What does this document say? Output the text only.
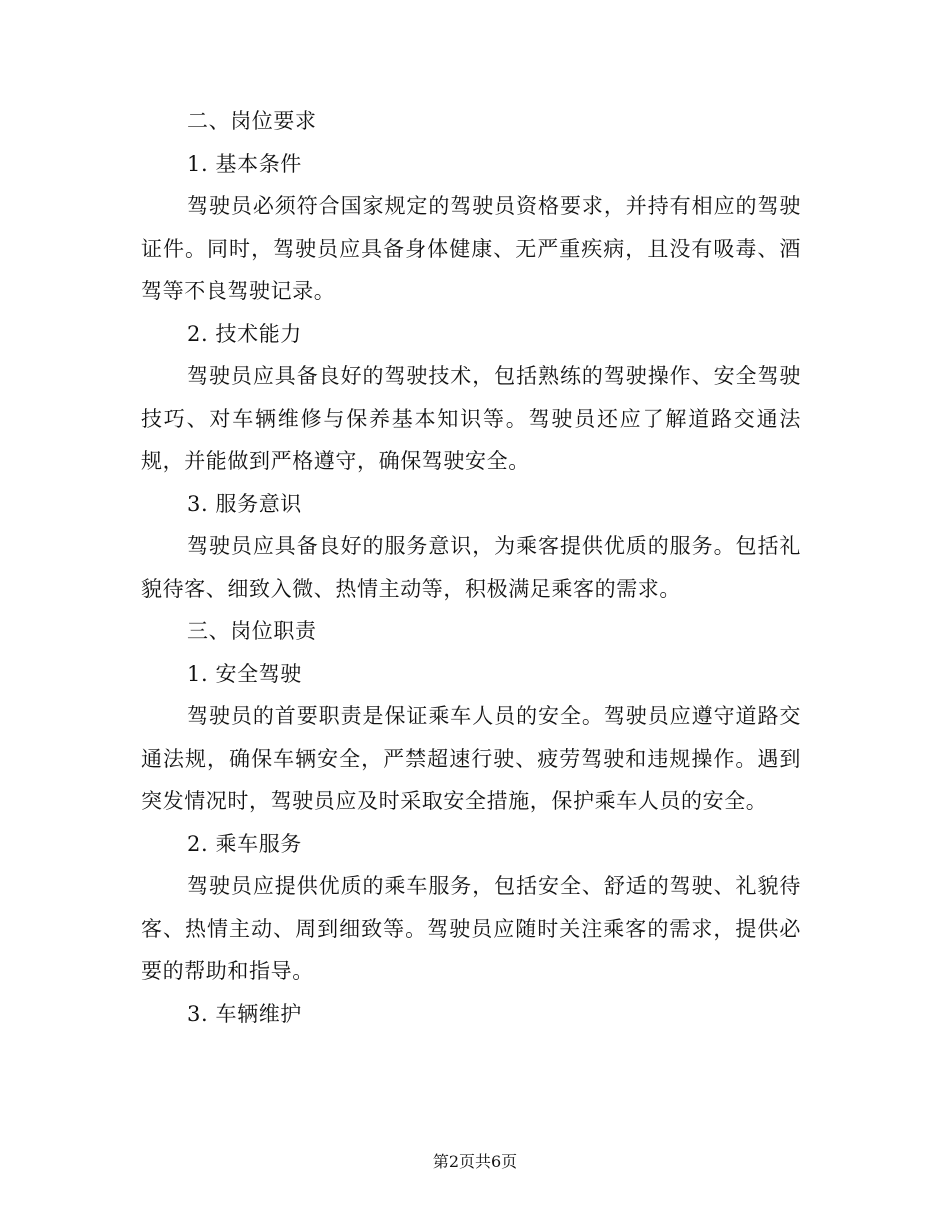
二、岗位要求
1. 基本条件
驾驶员必须符合国家规定的驾驶员资格要求，并持有相应的驾驶证件。同时，驾驶员应具备身体健康、无严重疾病，且没有吸毒、酒驾等不良驾驶记录。
2. 技术能力
驾驶员应具备良好的驾驶技术，包括熟练的驾驶操作、安全驾驶技巧、对车辆维修与保养基本知识等。驾驶员还应了解道路交通法规，并能做到严格遵守，确保驾驶安全。
3. 服务意识
驾驶员应具备良好的服务意识，为乘客提供优质的服务。包括礼貌待客、细致入微、热情主动等，积极满足乘客的需求。
三、岗位职责
1. 安全驾驶
驾驶员的首要职责是保证乘车人员的安全。驾驶员应遵守道路交通法规，确保车辆安全，严禁超速行驶、疲劳驾驶和违规操作。遇到突发情况时，驾驶员应及时采取安全措施，保护乘车人员的安全。
2. 乘车服务
驾驶员应提供优质的乘车服务，包括安全、舒适的驾驶、礼貌待客、热情主动、周到细致等。驾驶员应随时关注乘客的需求，提供必要的帮助和指导。
3. 车辆维护
第2页共6页
